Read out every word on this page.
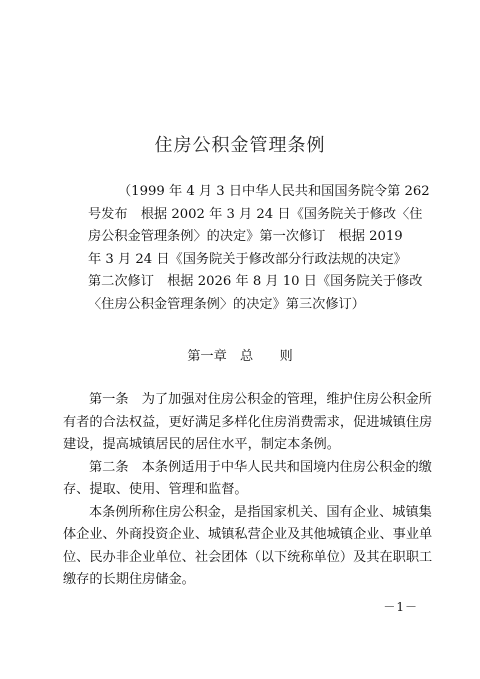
住房公积金管理条例
（1999 年 4 月 3 日中华人民共和国国务院令第 262
号发布　根据 2002 年 3 月 24 日《国务院关于修改〈住
房公积金管理条例〉的决定》第一次修订　根据 2019
年 3 月 24 日《国务院关于修改部分行政法规的决定》
第二次修订　根据 2026 年 8 月 10 日《国务院关于修改
〈住房公积金管理条例〉的决定》第三次修订）
第一章　总　　则
第一条　为了加强对住房公积金的管理，维护住房公积金所
有者的合法权益，更好满足多样化住房消费需求，促进城镇住房
建设，提高城镇居民的居住水平，制定本条例。
第二条　本条例适用于中华人民共和国境内住房公积金的缴
存、提取、使用、管理和监督。
本条例所称住房公积金，是指国家机关、国有企业、城镇集
体企业、外商投资企业、城镇私营企业及其他城镇企业、事业单
位、民办非企业单位、社会团体（以下统称单位）及其在职职工
缴存的长期住房储金。
－1－
